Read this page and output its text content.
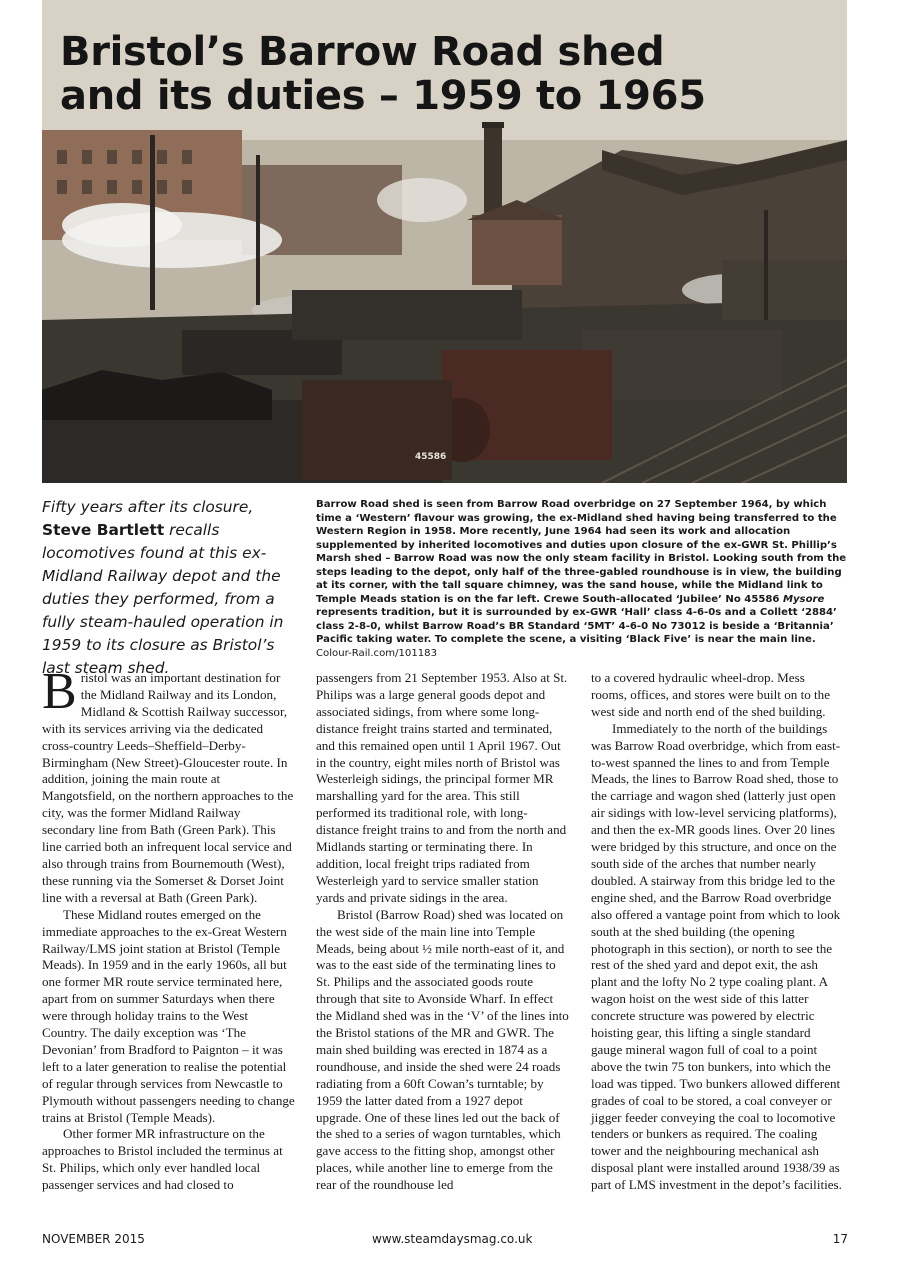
Bristol’s Barrow Road shed
and its duties – 1959 to 1965
45586
Fifty years after its closure,
Steve Bartlett recalls locomotives found at this ex-Midland Railway depot and the duties they performed, from a fully steam-hauled operation in 1959 to its closure as Bristol’s last steam shed.
Barrow Road shed is seen from Barrow Road overbridge on 27 September 1964, by which time a ‘Western’ flavour was growing, the ex-Midland shed having being transferred to the Western Region in 1958. More recently, June 1964 had seen its work and allocation supplemented by inherited locomotives and duties upon closure of the ex-GWR St. Phillip’s Marsh shed – Barrow Road was now the only steam facility in Bristol. Looking south from the steps leading to the depot, only half of the three-gabled roundhouse is in view, the building at its corner, with the tall square chimney, was the sand house, while the Midland link to Temple Meads station is on the far left. Crewe South-allocated ‘Jubilee’ No 45586 Mysore represents tradition, but it is surrounded by ex-GWR ‘Hall’ class 4-6-0s and a Collett ‘2884’ class 2-8-0, whilst Barrow Road’s BR Standard ‘5MT’ 4-6-0 No 73012 is beside a ‘Britannia’ Pacific taking water. To complete the scene, a visiting ‘Black Five’ is near the main line. Colour-Rail.com/101183

Bristol was an important destination for the Midland Railway and its London, Midland & Scottish Railway successor, with its services arriving via the dedicated cross-country Leeds–Sheffield–Derby-Birmingham (New Street)-Gloucester route. In addition, joining the main route at Mangotsfield, on the northern approaches to the city, was the former Midland Railway secondary line from Bath (Green Park). This line carried both an infrequent local service and also through trains from Bournemouth (West), these running via the Somerset & Dorset Joint line with a reversal at Bath (Green Park).

These Midland routes emerged on the immediate approaches to the ex-Great Western Railway/LMS joint station at Bristol (Temple Meads). In 1959 and in the early 1960s, all but one former MR route service terminated here, apart from on summer Saturdays when there were through holiday trains to the West Country. The daily exception was ‘The Devonian’ from Bradford to Paignton – it was left to a later generation to realise the potential of regular through services from Newcastle to Plymouth without passengers needing to change trains at Bristol (Temple Meads).

Other former MR infrastructure on the approaches to Bristol included the terminus at St. Philips, which only ever handled local passenger services and had closed to

passengers from 21 September 1953. Also at St. Philips was a large general goods depot and associated sidings, from where some long-distance freight trains started and terminated, and this remained open until 1 April 1967. Out in the country, eight miles north of Bristol was Westerleigh sidings, the principal former MR marshalling yard for the area. This still performed its traditional role, with long-distance freight trains to and from the north and Midlands starting or terminating there. In addition, local freight trips radiated from Westerleigh yard to service smaller station yards and private sidings in the area.

Bristol (Barrow Road) shed was located on the west side of the main line into Temple Meads, being about ½ mile north-east of it, and was to the east side of the terminating lines to St. Philips and the associated goods route through that site to Avonside Wharf. In effect the Midland shed was in the ‘V’ of the lines into the Bristol stations of the MR and GWR. The main shed building was erected in 1874 as a roundhouse, and inside the shed were 24 roads radiating from a 60ft Cowan’s turntable; by 1959 the latter dated from a 1927 depot upgrade. One of these lines led out the back of the shed to a series of wagon turntables, which gave access to the fitting shop, amongst other places, while another line to emerge from the rear of the roundhouse led

to a covered hydraulic wheel-drop. Mess rooms, offices, and stores were built on to the west side and north end of the shed building.

Immediately to the north of the buildings was Barrow Road overbridge, which from east-to-west spanned the lines to and from Temple Meads, the lines to Barrow Road shed, those to the carriage and wagon shed (latterly just open air sidings with low-level servicing platforms), and then the ex-MR goods lines. Over 20 lines were bridged by this structure, and once on the south side of the arches that number nearly doubled. A stairway from this bridge led to the engine shed, and the Barrow Road overbridge also offered a vantage point from which to look south at the shed building (the opening photograph in this section), or north to see the rest of the shed yard and depot exit, the ash plant and the lofty No 2 type coaling plant. A wagon hoist on the west side of this latter concrete structure was powered by electric hoisting gear, this lifting a single standard gauge mineral wagon full of coal to a point above the twin 75 ton bunkers, into which the load was tipped. Two bunkers allowed different grades of coal to be stored, a coal conveyer or jigger feeder conveying the coal to locomotive tenders or bunkers as required. The coaling tower and the neighbouring mechanical ash disposal plant were installed around 1938/39 as part of LMS investment in the depot’s facilities.

NOVEMBER 2015	www.steamdaysmag.co.uk	17
